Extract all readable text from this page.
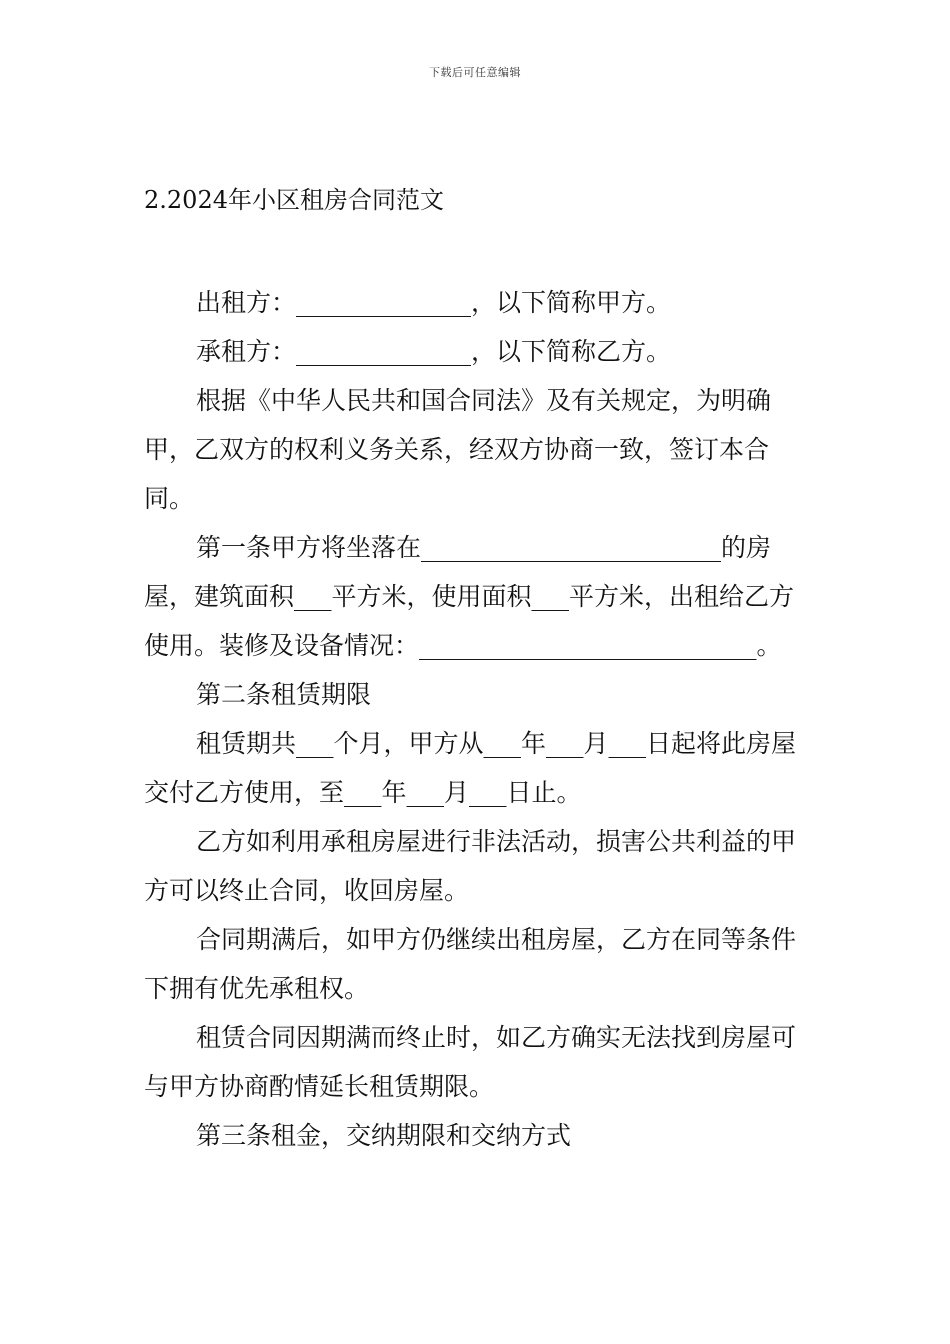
下载后可任意编辑
2.2024年小区租房合同范文

出租方：______________，以下简称甲方。

承租方：______________，以下简称乙方。

根据《中华人民共和国合同法》及有关规定，为明确甲，乙双方的权利义务关系，经双方协商一致，签订本合同。

第一条甲方将坐落在________________________的房屋，建筑面积___平方米，使用面积___平方米，出租给乙方使用。装修及设备情况：___________________________。

第二条租赁期限

租赁期共___个月，甲方从___年___月___日起将此房屋交付乙方使用，至___年___月___日止。

乙方如利用承租房屋进行非法活动，损害公共利益的甲方可以终止合同，收回房屋。

合同期满后，如甲方仍继续出租房屋，乙方在同等条件下拥有优先承租权。

租赁合同因期满而终止时，如乙方确实无法找到房屋可与甲方协商酌情延长租赁期限。

第三条租金，交纳期限和交纳方式
